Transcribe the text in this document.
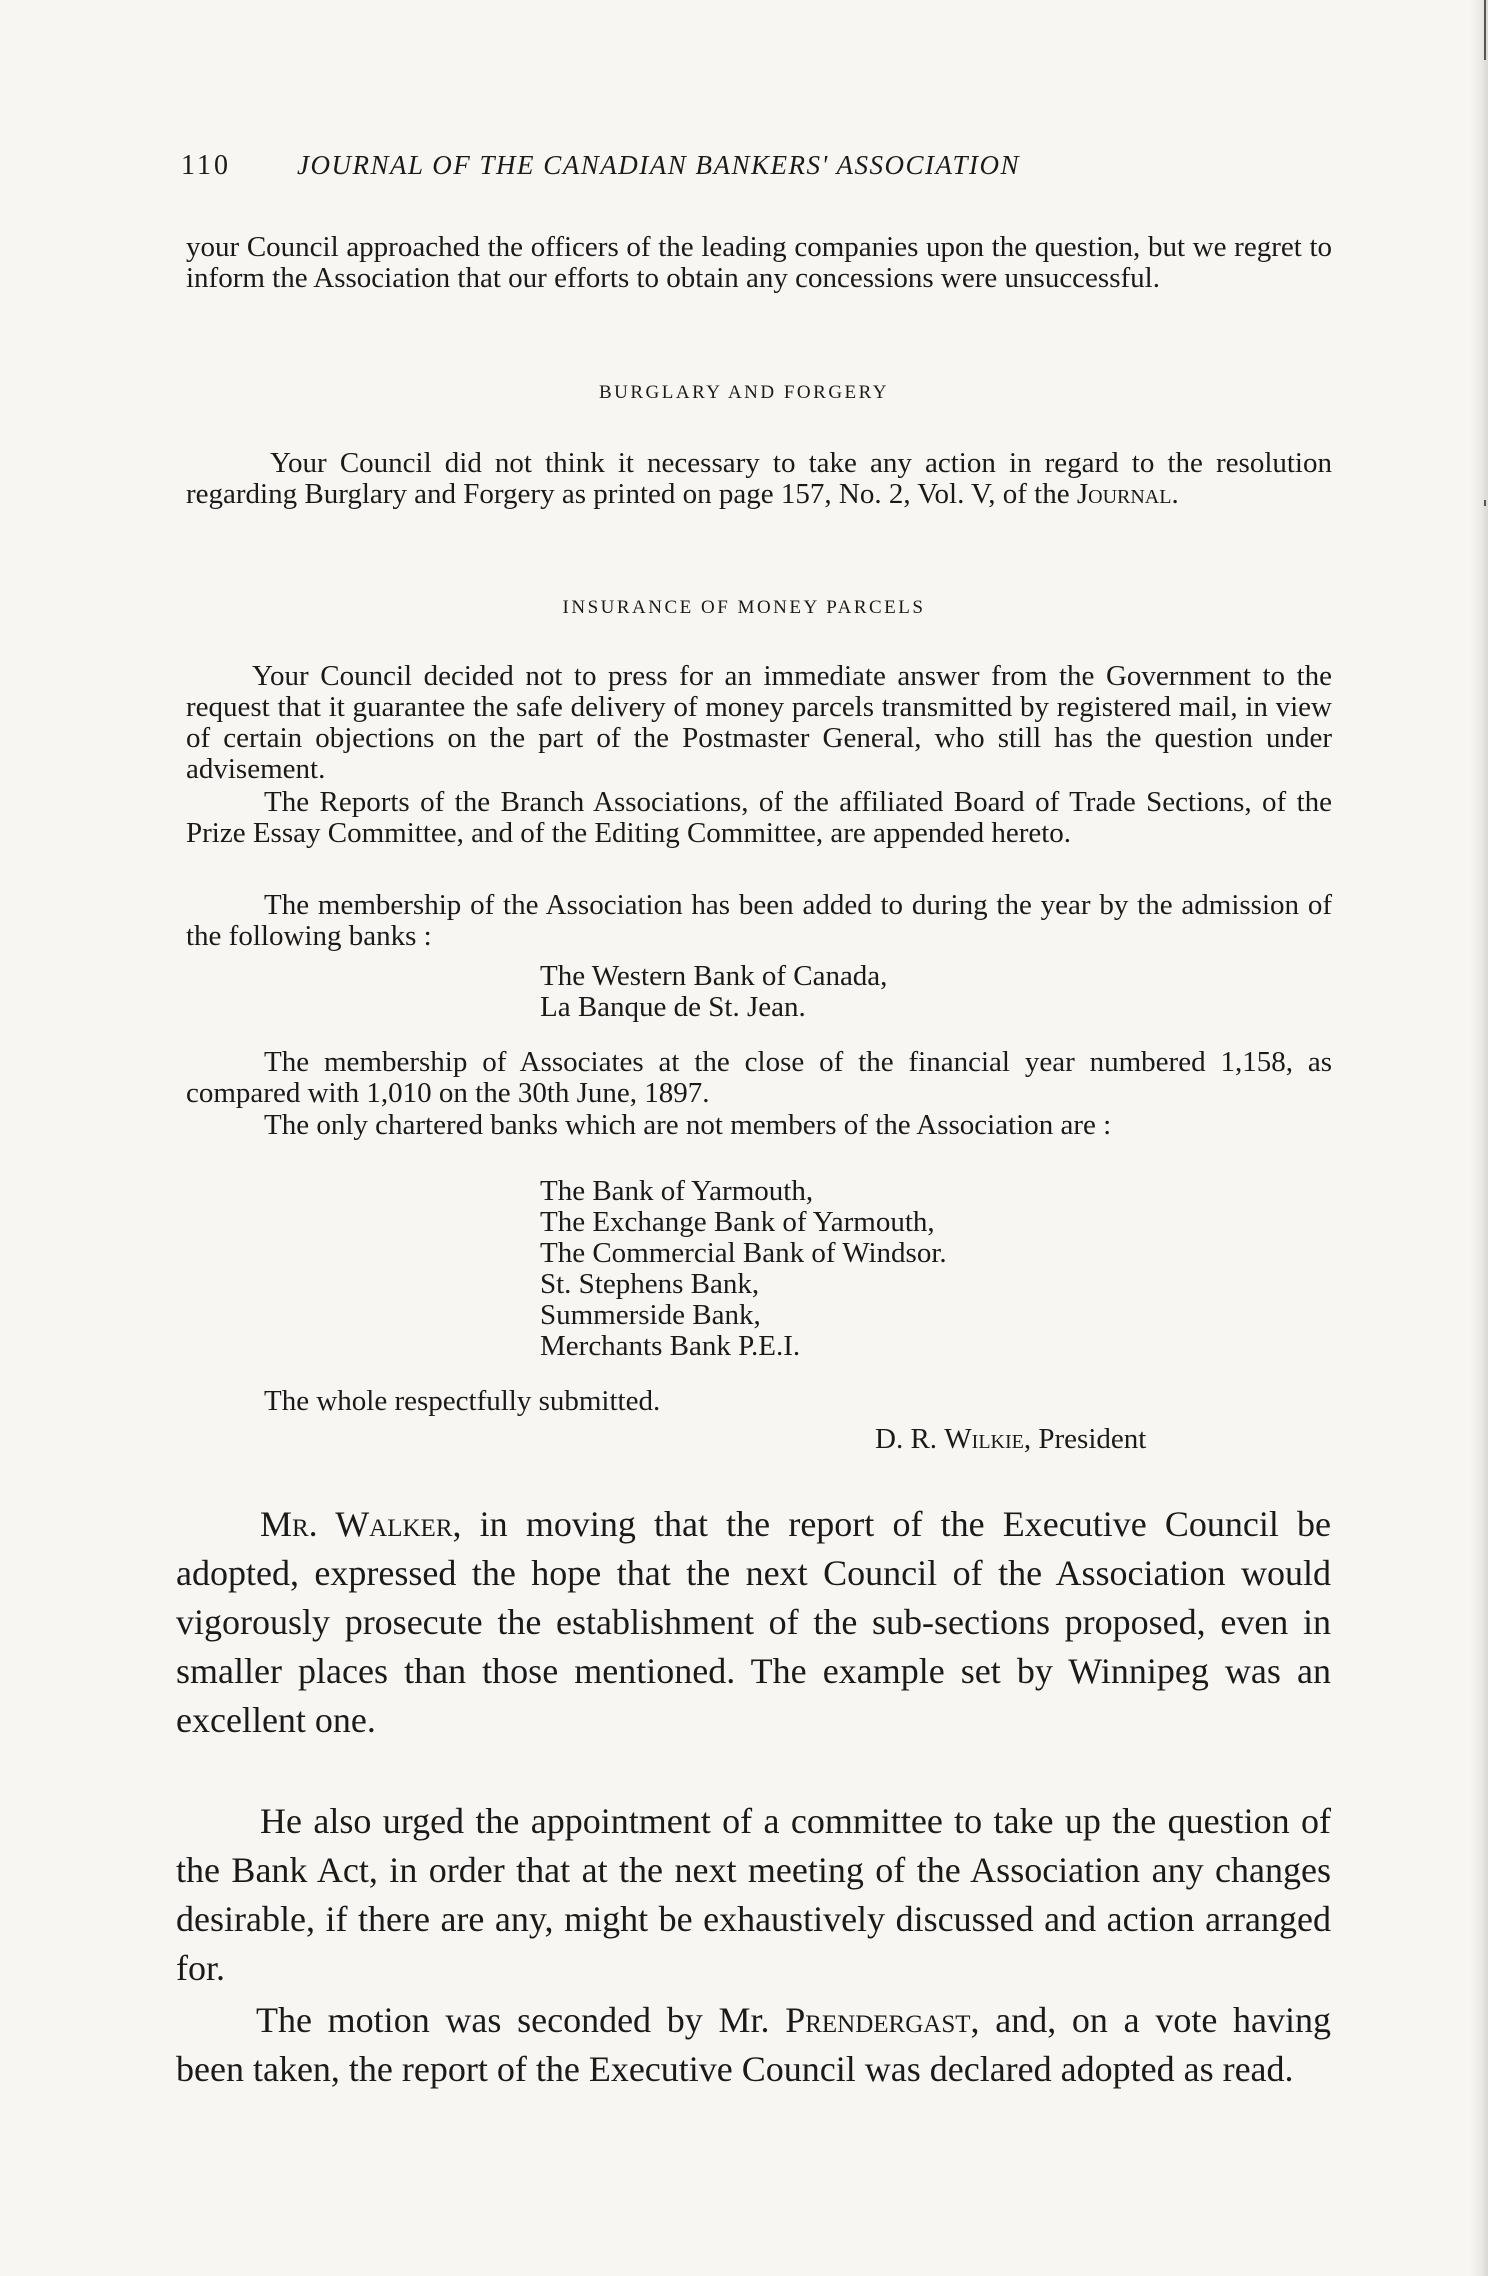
110 JOURNAL OF THE CANADIAN BANKERS' ASSOCIATION

your Council approached the officers of the leading companies upon the question, but we regret to inform the Association that our efforts to obtain any concessions were unsuccessful.

BURGLARY AND FORGERY

Your Council did not think it necessary to take any action in regard to the resolution regarding Burglary and Forgery as printed on page 157, No. 2, Vol. V, of the Journal.

INSURANCE OF MONEY PARCELS

Your Council decided not to press for an immediate answer from the Government to the request that it guarantee the safe delivery of money parcels transmitted by registered mail, in view of certain objections on the part of the Postmaster General, who still has the question under advisement.

The Reports of the Branch Associations, of the affiliated Board of Trade Sections, of the Prize Essay Committee, and of the Editing Committee, are appended hereto.

The membership of the Association has been added to during the year by the admission of the following banks :

The Western Bank of Canada,
La Banque de St. Jean.

The membership of Associates at the close of the financial year numbered 1,158, as compared with 1,010 on the 30th June, 1897.

The only chartered banks which are not members of the Association are :

The Bank of Yarmouth,
The Exchange Bank of Yarmouth,
The Commercial Bank of Windsor.
St. Stephens Bank,
Summerside Bank,
Merchants Bank P.E.I.
The whole respectfully submitted.
D. R. Wilkie, President

Mr. Walker, in moving that the report of the Executive Council be adopted, expressed the hope that the next Council of the Association would vigorously prosecute the establishment of the sub-sections proposed, even in smaller places than those mentioned. The example set by Winnipeg was an excellent one.

He also urged the appointment of a committee to take up the question of the Bank Act, in order that at the next meeting of the Association any changes desirable, if there are any, might be exhaustively discussed and action arranged for.

The motion was seconded by Mr. Prendergast, and, on a vote having been taken, the report of the Executive Council was declared adopted as read.
